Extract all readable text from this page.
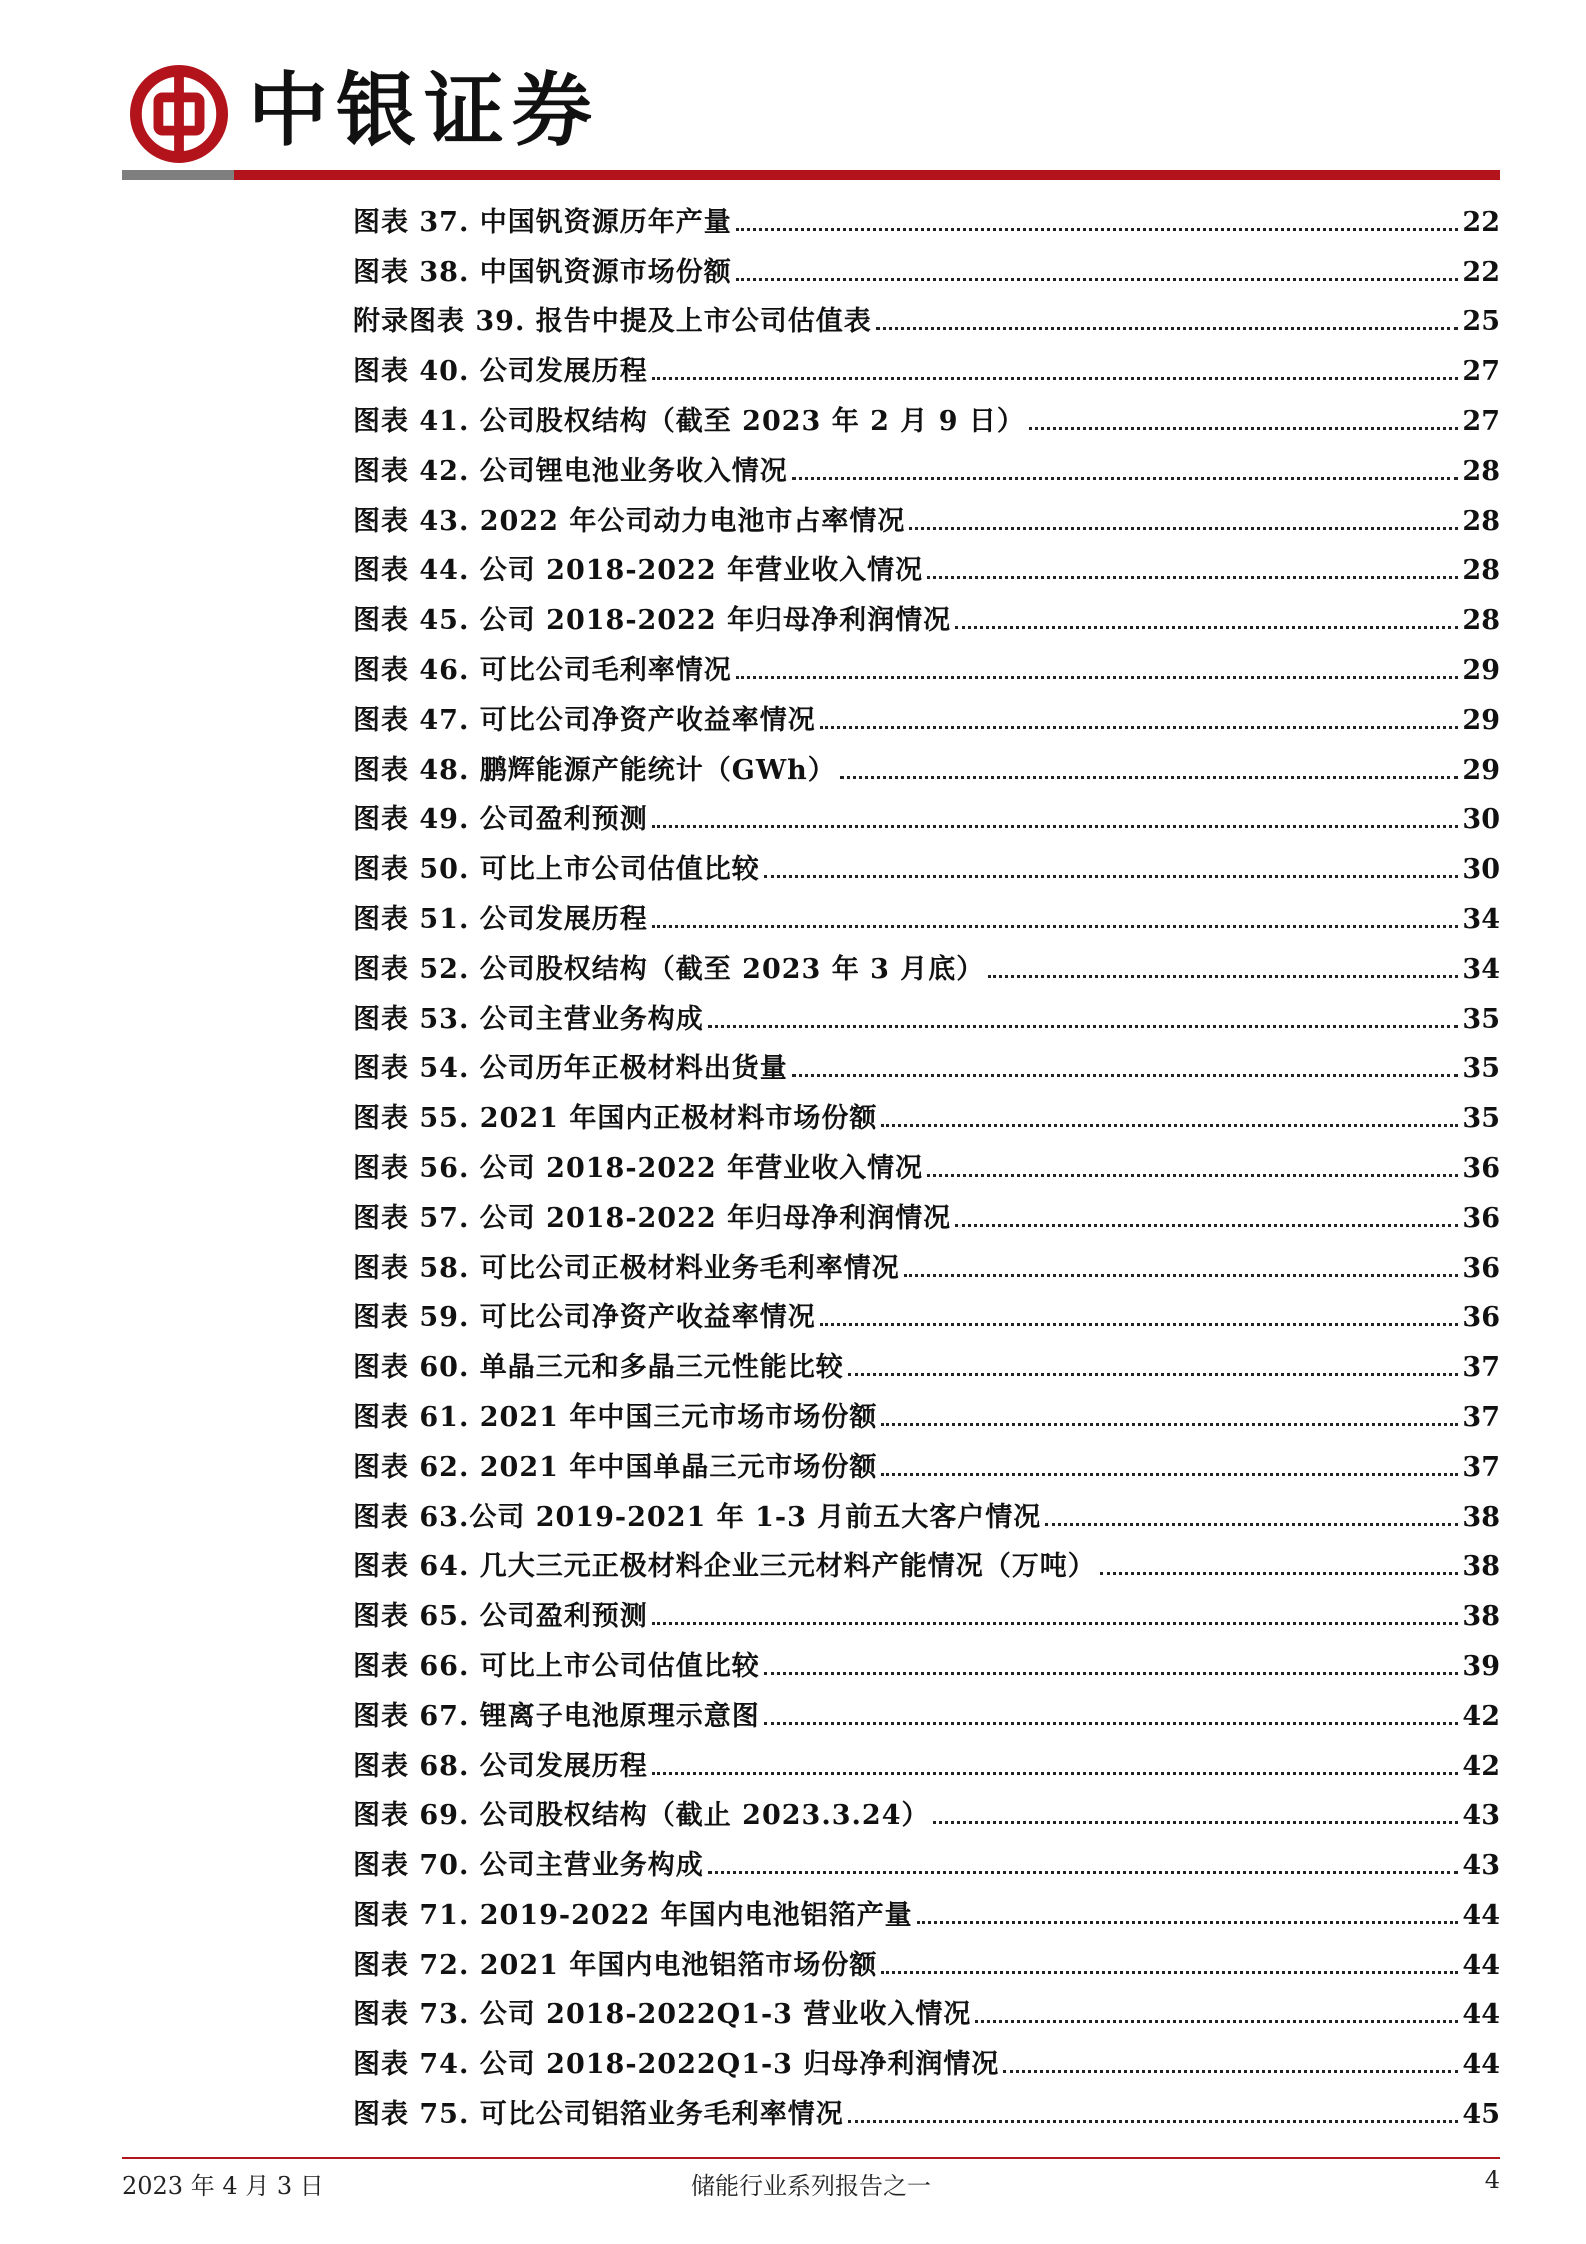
中银证券
图表 37. 中国钒资源历年产量	22
图表 38. 中国钒资源市场份额	22
附录图表 39. 报告中提及上市公司估值表	25
图表 40. 公司发展历程	27
图表 41. 公司股权结构（截至 2023 年 2 月 9 日）	27
图表 42. 公司锂电池业务收入情况	28
图表 43. 2022 年公司动力电池市占率情况	28
图表 44. 公司 2018-2022 年营业收入情况	28
图表 45. 公司 2018-2022 年归母净利润情况	28
图表 46. 可比公司毛利率情况	29
图表 47. 可比公司净资产收益率情况	29
图表 48. 鹏辉能源产能统计（GWh）	29
图表 49. 公司盈利预测	30
图表 50. 可比上市公司估值比较	30
图表 51. 公司发展历程	34
图表 52. 公司股权结构（截至 2023 年 3 月底）	34
图表 53. 公司主营业务构成	35
图表 54. 公司历年正极材料出货量	35
图表 55. 2021 年国内正极材料市场份额	35
图表 56. 公司 2018-2022 年营业收入情况	36
图表 57. 公司 2018-2022 年归母净利润情况	36
图表 58. 可比公司正极材料业务毛利率情况	36
图表 59. 可比公司净资产收益率情况	36
图表 60. 单晶三元和多晶三元性能比较	37
图表 61. 2021 年中国三元市场市场份额	37
图表 62. 2021 年中国单晶三元市场份额	37
图表 63.公司 2019-2021 年 1-3 月前五大客户情况	38
图表 64. 几大三元正极材料企业三元材料产能情况（万吨）	38
图表 65. 公司盈利预测	38
图表 66. 可比上市公司估值比较	39
图表 67. 锂离子电池原理示意图	42
图表 68. 公司发展历程	42
图表 69. 公司股权结构（截止 2023.3.24）	43
图表 70. 公司主营业务构成	43
图表 71. 2019-2022 年国内电池铝箔产量	44
图表 72. 2021 年国内电池铝箔市场份额	44
图表 73. 公司 2018-2022Q1-3 营业收入情况	44
图表 74. 公司 2018-2022Q1-3 归母净利润情况	44
图表 75. 可比公司铝箔业务毛利率情况	45
2023 年 4 月 3 日	储能行业系列报告之一	4
